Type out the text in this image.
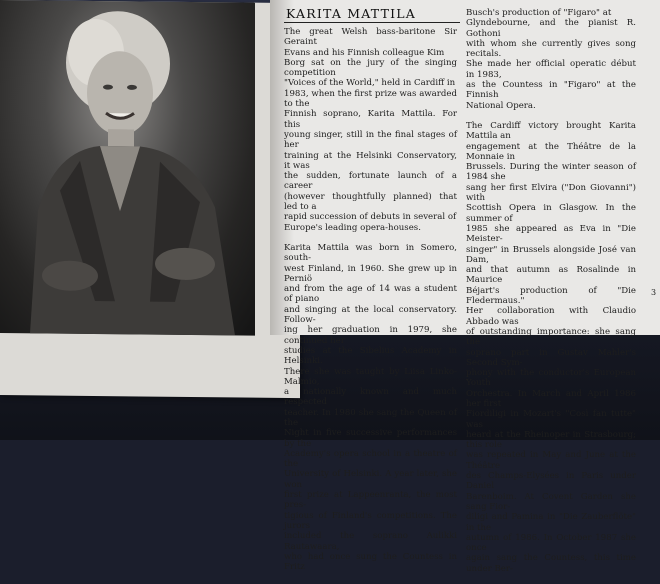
KARITA MATTILA

The great Welsh bass-baritone Sir Geraint
Evans and his Finnish colleague Kim
Borg sat on the jury of the singing competition
"Voices of the World," held in Cardiff in
1983, when the first prize was awarded to the
Finnish soprano, Karita Mattila. For this
young singer, still in the final stages of her
training at the Helsinki Conservatory, it was
the sudden, fortunate launch of a career
(however thoughtfully planned) that led to a
rapid succession of debuts in several of
Europe's leading opera-houses.

Karita Mattila was born in Somero, south-
west Finland, in 1960. She grew up in Perniö
and from the age of 14 was a student of piano
and singing at the local conservatory. Follow-
ing her graduation in 1979, she continued her
studies at the Sibelius Academy in Helsinki.
There she was taught by Liisa Linko-Malmio,
a nationally known and much respected
teacher. In 1980 she sang the Queen of the
Night in five successive performances by the
Academy's opera school in a theatre of the
University of Helsinki. A year later, she won
first prize at Lappeenranta, the most pres-
tigious of Finland's competitions. The jurors
included the soprano Aulikki Rautawaara,
who had once sung the Countess in Fritz

Busch's production of "Figaro" at
Glyndebourne, and the pianist R. Gothoni
with whom she currently gives song recitals.
She made her official operatic début in 1983,
as the Countess in "Figaro" at the Finnish
National Opera.

The Cardiff victory brought Karita Mattila an
engagement at the Théâtre de la Monnaie in
Brussels. During the winter season of 1984 she
sang her first Elvira ("Don Giovanni") with
Scottish Opera in Glasgow. In the summer of
1985 she appeared as Eva in "Die Meister-
singer" in Brussels alongside José van Dam,
and that autumn as Rosalinde in Maurice
Béjart's production of "Die Fledermaus."
Her collaboration with Claudio Abbado was
of outstanding importance: she sang the
soprano part in Gustav Mahler's Second Sym-
phony with the conductor's European Youth
Orchestra. In March and April 1986 her first
Fiordiligi in Mozart's "Così fan tutte" was
heard at the Rheinoper in Strasbourg; this role
was repeated in May and June at the Théâtre
des Champs-Elysées in Paris under Daniel
Barenboim. At Covent Garden she sang Fior-
diligi and Pamina in "Die Zauberflöte" in the
autumn of 1986. In October 1987 she once
again sang the Countess, this time under Ber-

3
